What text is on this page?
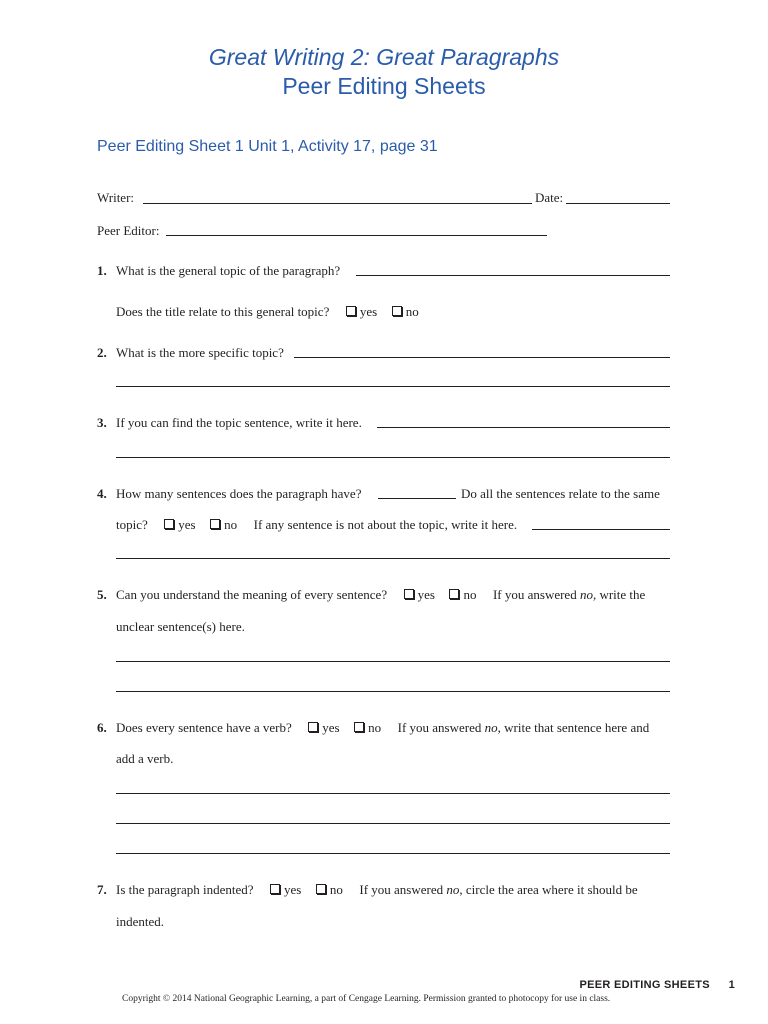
Great Writing 2: Great Paragraphs
Peer Editing Sheets
Peer Editing Sheet 1 Unit 1, Activity 17, page 31
Writer:	Date:
Peer Editor:
1. What is the general topic of the paragraph?
Does the title relate to this general topic? yes no
2. What is the more specific topic?
3. If you can find the topic sentence, write it here.
4. How many sentences does the paragraph have?	Do all the sentences relate to the same
topic? yes no If any sentence is not about the topic, write it here.
5. Can you understand the meaning of every sentence? yes no If you answered no, write the
unclear sentence(s) here.
6. Does every sentence have a verb? yes no If you answered no, write that sentence here and
add a verb.
7. Is the paragraph indented? yes no If you answered no, circle the area where it should be
indented.
PEER EDITING SHEETS 1
Copyright © 2014 National Geographic Learning, a part of Cengage Learning. Permission granted to photocopy for use in class.
